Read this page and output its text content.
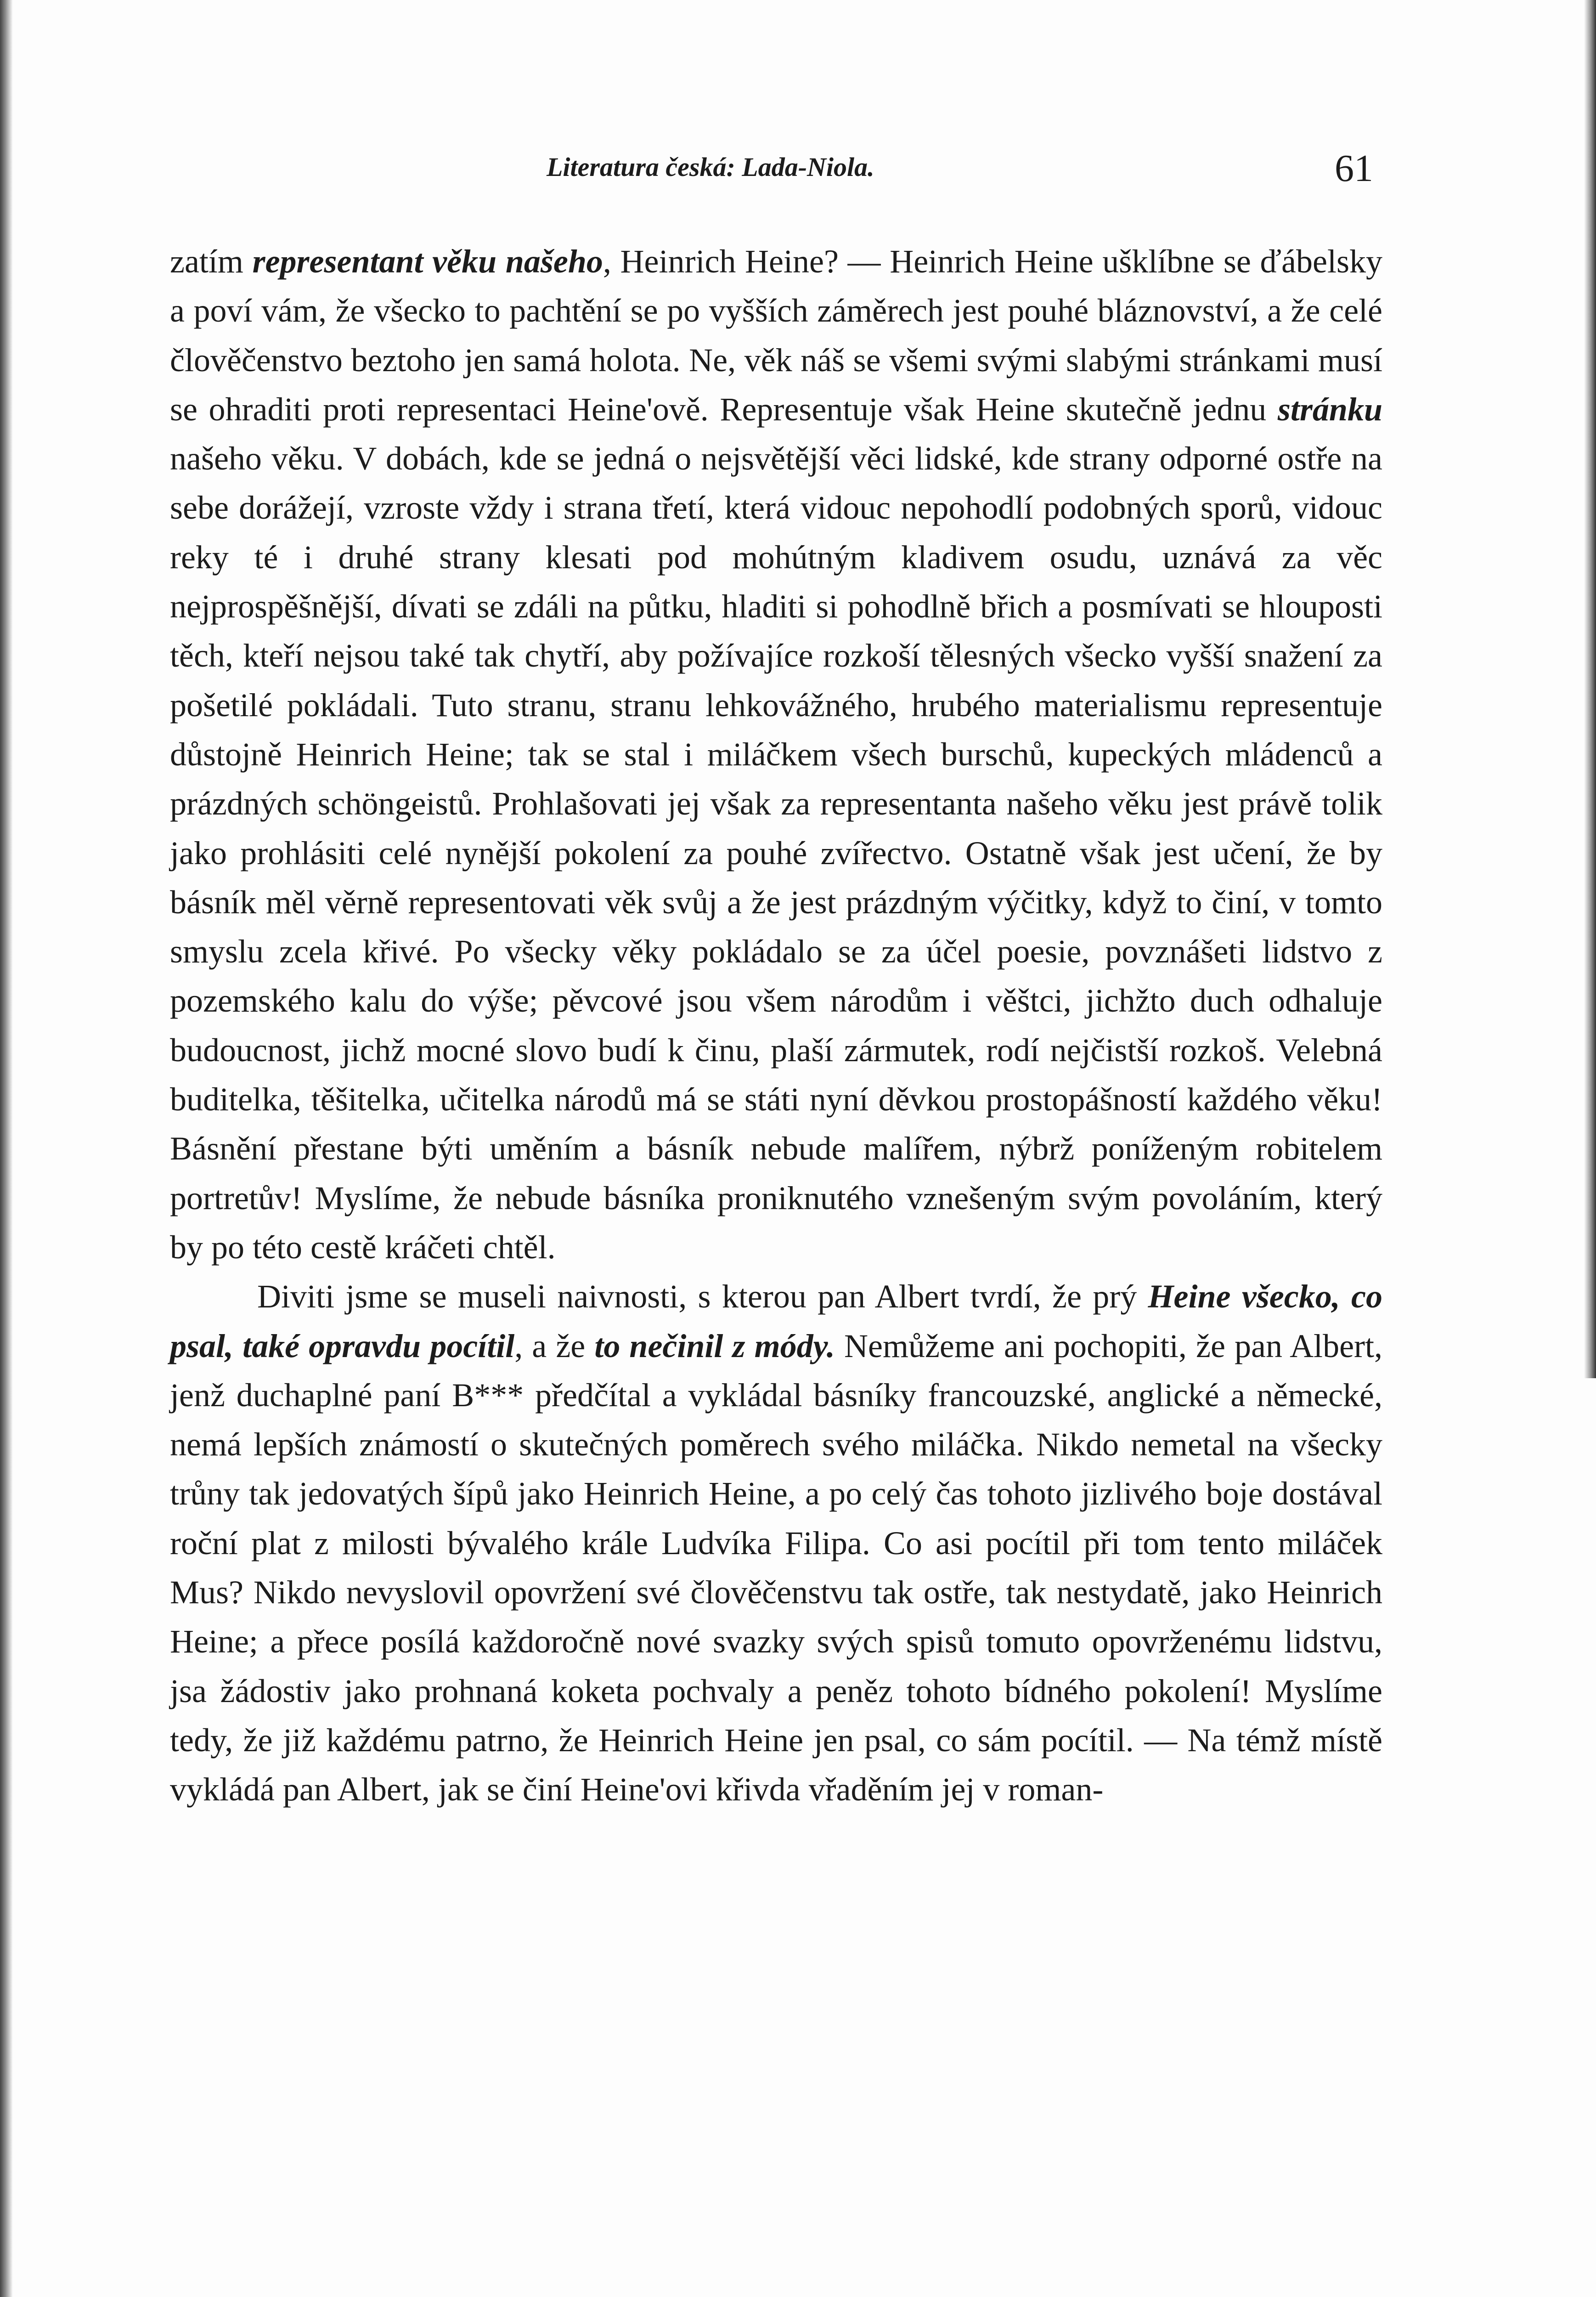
Literatura česká: Lada-Niola.	61

zatím representant věku našeho, Heinrich Heine? — Heinrich Heine ušklíbne se ďábelsky a poví vám, že všecko to pachtění se po vyšších záměrech jest pouhé bláznovství, a že celé člověčenstvo beztoho jen samá holota. Ne, věk náš se všemi svými slabými stránkami musí se ohraditi proti representaci Heine'ově. Representuje však Heine skutečně jednu stránku našeho věku. V dobách, kde se jedná o nejsvětější věci lidské, kde strany odporné ostře na sebe dorážejí, vzroste vždy i strana třetí, která vidouc nepohodlí podobných sporů, vidouc reky té i druhé strany klesati pod mohútným kladivem osudu, uznává za věc nejprospěšnější, dívati se zdáli na půtku, hladiti si pohodlně břich a posmívati se hlouposti těch, kteří nejsou také tak chytří, aby požívajíce rozkoší tělesných všecko vyšší snažení za pošetilé pokládali. Tuto stranu, stranu lehkovážného, hrubého materialismu representuje důstojně Heinrich Heine; tak se stal i miláčkem všech burschů, kupeckých mládenců a prázdných schöngeistů. Prohlašovati jej však za representanta našeho věku jest právě tolik jako prohlásiti celé nynější pokolení za pouhé zvířectvo. Ostatně však jest učení, že by básník měl věrně representovati věk svůj a že jest prázdným výčitky, když to činí, v tomto smyslu zcela křivé. Po všecky věky pokládalo se za účel poesie, povznášeti lidstvo z pozemského kalu do výše; pěvcové jsou všem národům i věštci, jichžto duch odhaluje budoucnost, jichž mocné slovo budí k činu, plaší zármutek, rodí nejčistší rozkoš. Velebná buditelka, těšitelka, učitelka národů má se státi nyní děvkou prostopášností každého věku! Básnění přestane býti uměním a básník nebude malířem, nýbrž poníženým robitelem portretův! Myslíme, že nebude básníka proniknutého vznešeným svým povoláním, který by po této cestě kráčeti chtěl.

Diviti jsme se museli naivnosti, s kterou pan Albert tvrdí, že prý Heine všecko, co psal, také opravdu pocítil, a že to nečinil z módy. Nemůžeme ani pochopiti, že pan Albert, jenž duchaplné paní B*** předčítal a vykládal básníky francouzské, anglické a německé, nemá lepších známostí o skutečných poměrech svého miláčka. Nikdo nemetal na všecky trůny tak jedovatých šípů jako Heinrich Heine, a po celý čas tohoto jizlivého boje dostával roční plat z milosti bývalého krále Ludvíka Filipa. Co asi pocítil při tom tento miláček Mus? Nikdo nevyslovil opovržení své člověčenstvu tak ostře, tak nestydatě, jako Heinrich Heine; a přece posílá každoročně nové svazky svých spisů tomuto opovrženému lidstvu, jsa žádostiv jako prohnaná koketa pochvaly a peněz tohoto bídného pokolení! Myslíme tedy, že již každému patrno, že Heinrich Heine jen psal, co sám pocítil. — Na témž místě vykládá pan Albert, jak se činí Heine'ovi křivda vřaděním jej v roman-
